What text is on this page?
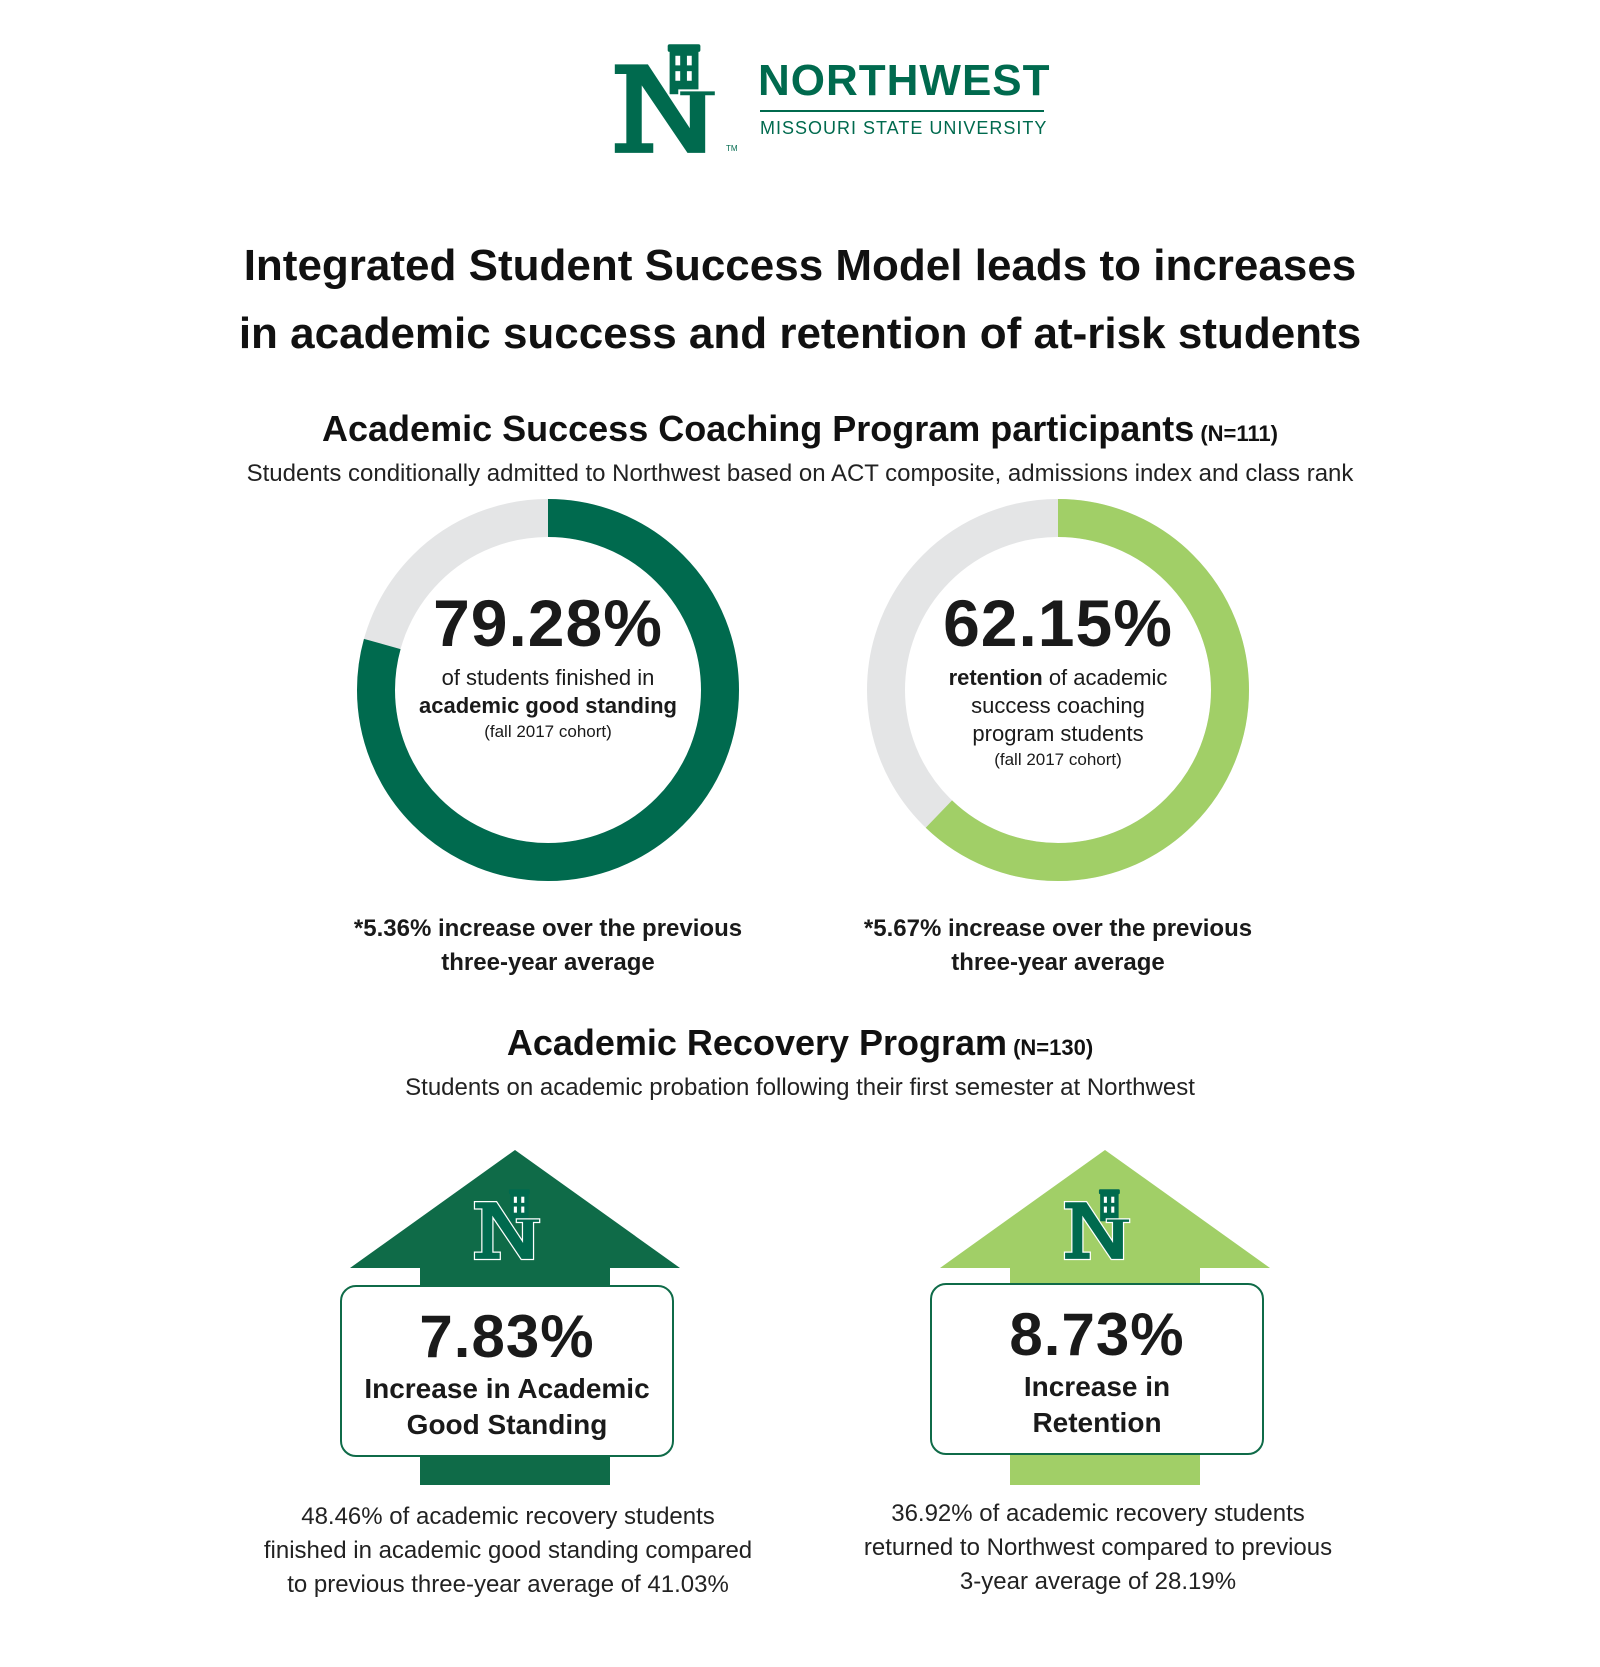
TM
NORTHWEST
MISSOURI STATE UNIVERSITY
Integrated Student Success Model leads to increases
in academic success and retention of at-risk students
Academic Success Coaching Program participants (N=111)
Students conditionally admitted to Northwest based on ACT composite, admissions index and class rank
79.28%
of students finished in
academic good standing
(fall 2017 cohort)
*5.36% increase over the previous
three-year average
62.15%
retention of academic success coaching program students
(fall 2017 cohort)
*5.67% increase over the previous
three-year average
Academic Recovery Program (N=130)
Students on academic probation following their first semester at Northwest
7.83%
Increase in Academic
Good Standing
48.46% of academic recovery students
finished in academic good standing compared
to previous three-year average of 41.03%
8.73%
Increase in
Retention
36.92% of academic recovery students
returned to Northwest compared to previous
3-year average of 28.19%
